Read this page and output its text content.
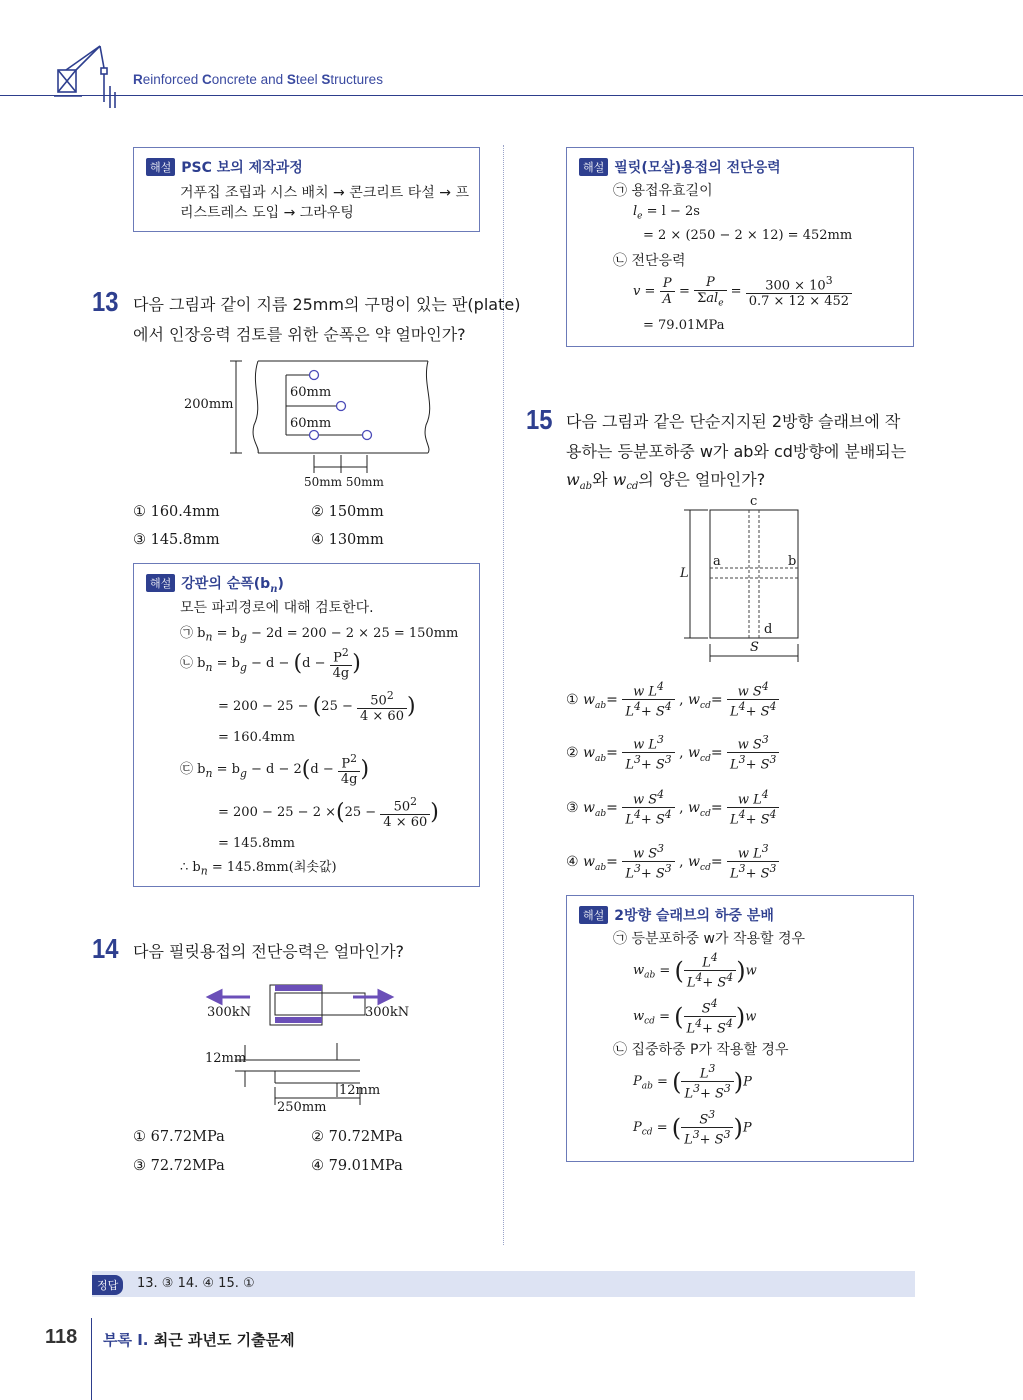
Reinforced Concrete and Steel Structures
해설 PSC 보의 제작과정
거푸집 조립과 시스 배치 → 콘크리트 타설 → 프
리스트레스 도입 → 그라우팅
13 다음 그림과 같이 지름 25mm의 구멍이 있는 판(plate)
에서 인장응력 검토를 위한 순폭은 약 얼마인가?
200mm
60mm
60mm
50mm 50mm
① 160.4mm	② 150mm
③ 145.8mm	④ 130mm
해설 강판의 순폭$(b_n)$
모든 파괴경로에 대해 검토한다.
㉠ $b_n = b_g - 2d = 200 - 2 \times 25 = 150mm$
㉡ $b_n = b_g - d - (d - \frac{P^2}{4g}$ )
= $200 - 25 - (25 - \frac{50^2}{4 \times 60}$ )
= 160.4mm
㉢ $b_n = b_g - d - 2(d - \frac{P^2}{4g}$ )
= $200 - 25 - 2 \times(25 - \frac{50^2}{4 \times 60}$ )
= 145.8mm
∴ $b_n = 145.8mm$(최솟값)
14 다음 필릿용접의 전단응력은 얼마인가?
300kN	300kN
12mm
12mm
250mm
① 67.72MPa	② 70.72MPa
③ 72.72MPa	④ 79.01MPa
해설 필릿(모살)용접의 전단응력
㉠ 용접유효길이
$l_e = l - 2s$
= 2 × (250 − 2 × 12) = 452mm
㉡ 전단응력
$v = \frac{P}{A} = \frac{P}{\Sigma al_e} = \frac{300 \times 10^3}{0.7 \times 12 \times 452}$
= 79.01MPa
15 다음 그림과 같은 단순지지된 2방향 슬래브에 작
용하는 등분포하중 w가 ab와 cd방향에 분배되는
$w_{ab}$와 $w_{cd}$의 양은 얼마인가?
c
d
a	b
L
S
① $w_{ab}= \frac{w L^4}{L^4+ S^4}$ , $w_{cd}= \frac{w S^4}{L^4+ S^4}$
② $w_{ab}= \frac{w L^3}{L^3+ S^3}$ , $w_{cd}= \frac{w S^3}{L^3+ S^3}$
③ $w_{ab}= \frac{w S^4}{L^4+ S^4}$ , $w_{cd}= \frac{w L^4}{L^4+ S^4}$
④ $w_{ab}= \frac{w S^3}{L^3+ S^3}$ , $w_{cd}= \frac{w L^3}{L^3+ S^3}$
해설 2방향 슬래브의 하중 분배
㉠ 등분포하중 w가 작용할 경우
$w_{ab}$ = ( $\frac{L^4}{L^4+ S^4} )w$
$w_{cd}$ = ( $\frac{S^4}{L^4+ S^4} )w$
㉡ 집중하중 P가 작용할 경우
$P_{ab}$ = ( $\frac{L^3}{L^3+ S^3} )P$
$P_{cd}$ = ( $\frac{S^3}{L^3+ S^3} )P$
정답	13. ③ 14. ④ 15. ①
118 부록 Ⅰ. 최근 과년도 기출문제
